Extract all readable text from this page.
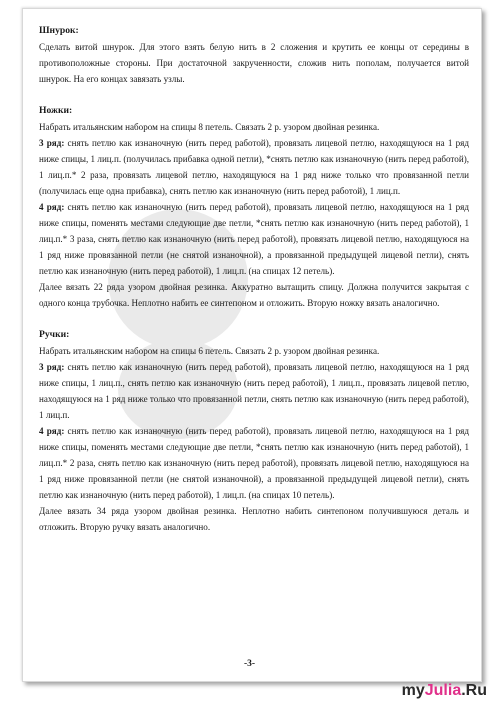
Шнурок:

Сделать витой шнурок. Для этого взять белую нить в 2 сложения и крутить ее концы от середины в противоположные стороны. При достаточной закрученности, сложив нить пополам, получается витой шнурок. На его концах завязать узлы.

Ножки:

Набрать итальянским набором на спицы 8 петель. Связать 2 р. узором двойная резинка.

3 ряд: снять петлю как изнаночную (нить перед работой), провязать лицевой петлю, находящуюся на 1 ряд ниже спицы, 1 лиц.п. (получилась прибавка одной петли), *снять петлю как изнаночную (нить перед работой), 1 лиц.п.* 2 раза, провязать лицевой петлю, находящуюся на 1 ряд ниже только что провязанной петли (получилась еще одна прибавка), снять петлю как изнаночную (нить перед работой), 1 лиц.п.

4 ряд: снять петлю как изнаночную (нить перед работой), провязать лицевой петлю, находящуюся на 1 ряд ниже спицы, поменять местами следующие две петли, *снять петлю как изнаночную (нить перед работой), 1 лиц.п.* 3 раза, снять петлю как изнаночную (нить перед работой), провязать лицевой петлю, находящуюся на 1 ряд ниже провязанной петли (не снятой изнаночной), а провязанной предыдущей лицевой петли), снять петлю как изнаночную (нить перед работой), 1 лиц.п. (на спицах 12 петель).

Далее вязать 22 ряда узором двойная резинка. Аккуратно вытащить спицу. Должна получится закрытая с одного конца трубочка. Неплотно набить ее синтепоном и отложить. Вторую ножку вязать аналогично.

Ручки:

Набрать итальянским набором на спицы 6 петель. Связать 2 р. узором двойная резинка.

3 ряд: снять петлю как изнаночную (нить перед работой), провязать лицевой петлю, находящуюся на 1 ряд ниже спицы, 1 лиц.п., снять петлю как изнаночную (нить перед работой), 1 лиц.п., провязать лицевой петлю, находящуюся на 1 ряд ниже только что провязанной петли, снять петлю как изнаночную (нить перед работой), 1 лиц.п.

4 ряд: снять петлю как изнаночную (нить перед работой), провязать лицевой петлю, находящуюся на 1 ряд ниже спицы, поменять местами следующие две петли, *снять петлю как изнаночную (нить перед работой), 1 лиц.п.* 2 раза, снять петлю как изнаночную (нить перед работой), провязать лицевой петлю, находящуюся на 1 ряд ниже провязанной петли (не снятой изнаночной), а провязанной предыдущей лицевой петли), снять петлю как изнаночную (нить перед работой), 1 лиц.п. (на спицах 10 петель).

Далее вязать 34 ряда узором двойная резинка. Неплотно набить синтепоном получившуюся деталь и отложить. Вторую ручку вязать аналогично.

-3-
myJulia.Ru
